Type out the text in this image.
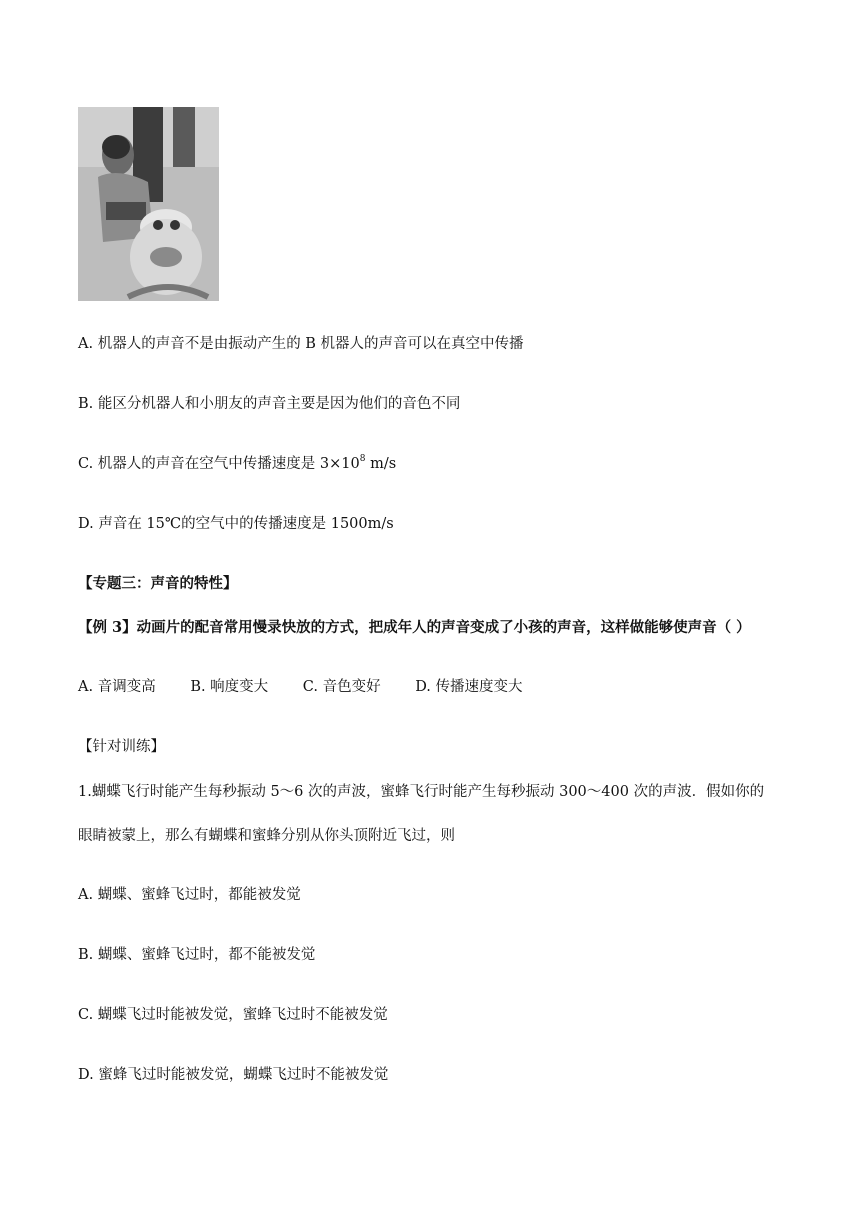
A. 机器人的声音不是由振动产生的 B 机器人的声音可以在真空中传播
B. 能区分机器人和小朋友的声音主要是因为他们的音色不同
C. 机器人的声音在空气中传播速度是 $3\times 10^8$ m/s
D. 声音在 15℃的空气中的传播速度是 1500m/s
【专题三：声音的特性】
【例 3】动画片的配音常用慢录快放的方式，把成年人的声音变成了小孩的声音，这样做能够使声音（ ）
A. 音调变高 B. 响度变大 C. 音色变好 D. 传播速度变大
【针对训练】
1.蝴蝶飞行时能产生每秒振动 5～6 次的声波，蜜蜂飞行时能产生每秒振动 300～400 次的声波．假如你的
眼睛被蒙上，那么有蝴蝶和蜜蜂分别从你头顶附近飞过，则
A. 蝴蝶、蜜蜂飞过时，都能被发觉
B. 蝴蝶、蜜蜂飞过时，都不能被发觉
C. 蝴蝶飞过时能被发觉，蜜蜂飞过时不能被发觉
D. 蜜蜂飞过时能被发觉，蝴蝶飞过时不能被发觉
